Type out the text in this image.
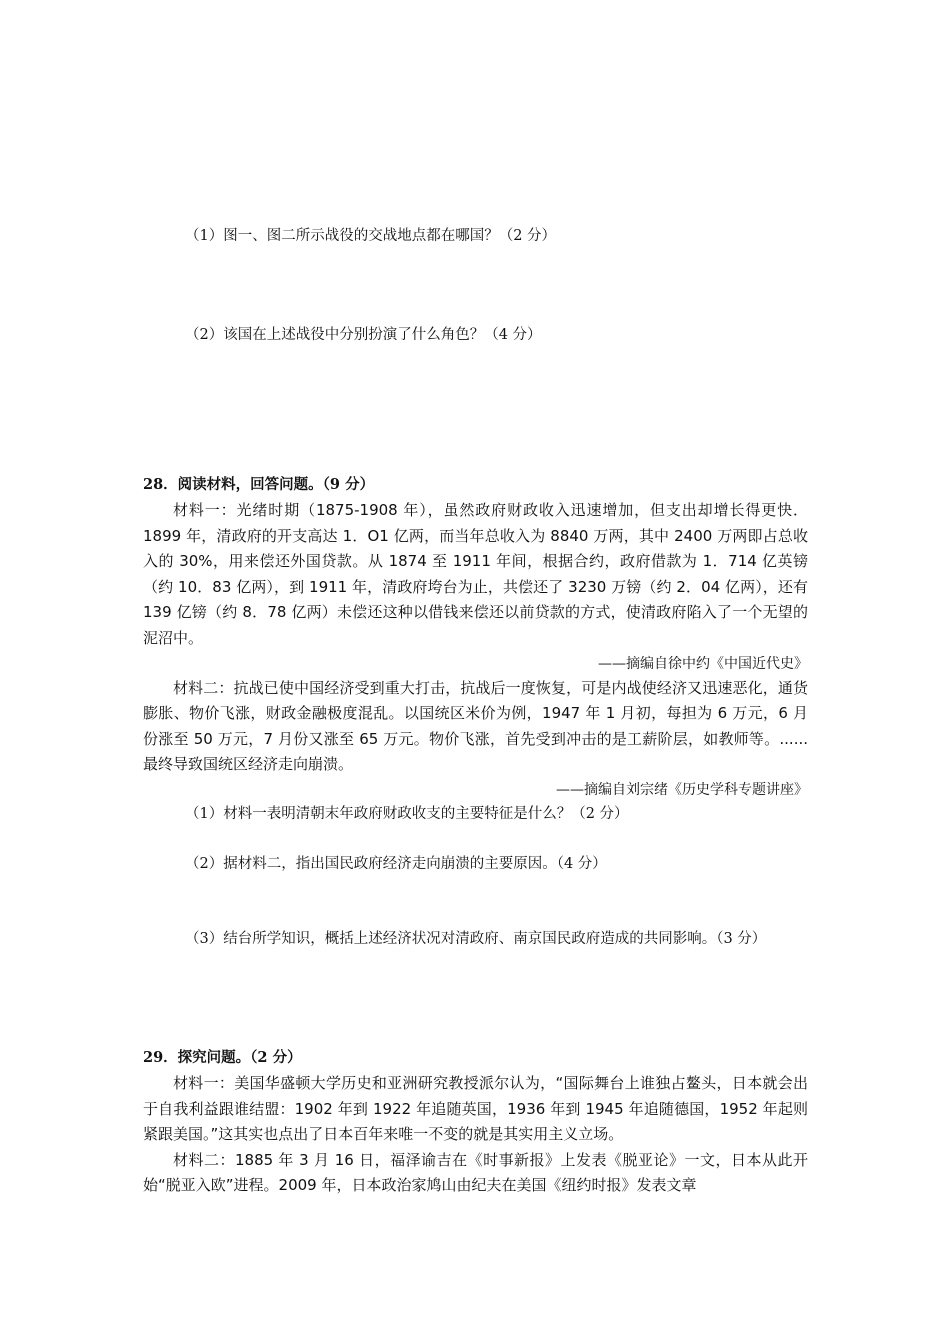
（1）图一、图二所示战役的交战地点都在哪国？（2 分）
（2）该国在上述战役中分别扮演了什么角色？（4 分）
28．阅读材料，回答问题。（9 分）
材料一：光绪时期（1875-1908 年），虽然政府财政收入迅速增加，但支出却增长得更快．1899 年，清政府的开支高达 1．O1 亿两，而当年总收入为 8840 万两，其中 2400 万两即占总收入的 30%，用来偿还外国贷款。从 1874 至 1911 年间，根据合约，政府借款为 1．714 亿英镑（约 10．83 亿两），到 1911 年，清政府垮台为止，共偿还了 3230 万镑（约 2．04 亿两），还有 139 亿镑（约 8．78 亿两）未偿还这种以借钱来偿还以前贷款的方式，使清政府陷入了一个无望的泥沼中。
——摘编自徐中约《中国近代史》
材料二：抗战已使中国经济受到重大打击，抗战后一度恢复，可是内战使经济又迅速恶化，通货膨胀、物价飞涨，财政金融极度混乱。以国统区米价为例，1947 年 1 月初，每担为 6 万元，6 月份涨至 50 万元，7 月份又涨至 65 万元。物价飞涨，首先受到冲击的是工薪阶层，如教师等。......最终导致国统区经济走向崩溃。
——摘编自刘宗绪《历史学科专题讲座》
（1）材料一表明清朝末年政府财政收支的主要特征是什么？（2 分）
（2）据材料二，指出国民政府经济走向崩溃的主要原因。（4 分）
（3）结台所学知识，概括上述经济状况对清政府、南京国民政府造成的共同影响。（3 分）
29．探究问题。（2 分）
材料一：美国华盛顿大学历史和亚洲研究教授派尔认为，“国际舞台上谁独占鳌头，日本就会出于自我利益跟谁结盟：1902 年到 1922 年追随英国，1936 年到 1945 年追随德国，1952 年起则紧跟美国。”这其实也点出了日本百年来唯一不变的就是其实用主义立场。
材料二：1885 年 3 月 16 日，福泽谕吉在《时事新报》上发表《脱亚论》一文，日本从此开始“脱亚入欧”进程。2009 年，日本政治家鸠山由纪夫在美国《纽约时报》发表文章
